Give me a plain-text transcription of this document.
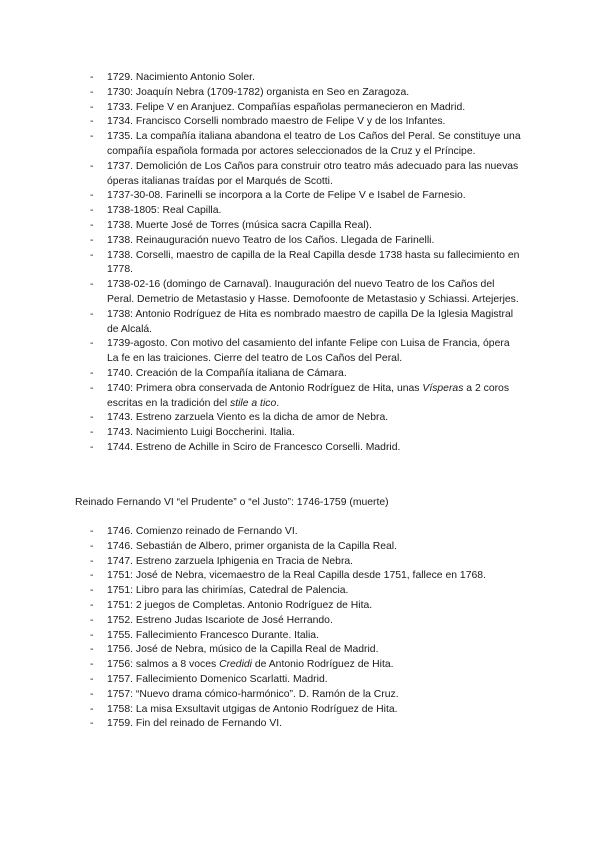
- 1729. Nacimiento Antonio Soler.
- 1730: Joaquín Nebra (1709-1782) organista en Seo en Zaragoza.
- 1733. Felipe V en Aranjuez. Compañías españolas permanecieron en Madrid.
- 1734. Francisco Corselli nombrado maestro de Felipe V y de los Infantes.
- 1735. La compañía italiana abandona el teatro de Los Caños del Peral. Se constituye una compañía española formada por actores seleccionados de la Cruz y el Príncipe.
- 1737. Demolición de Los Caños para construir otro teatro más adecuado para las nuevas óperas italianas traídas por el Marqués de Scotti.
- 1737-30-08. Farinelli se incorpora a la Corte de Felipe V e Isabel de Farnesio.
- 1738-1805: Real Capilla.
- 1738. Muerte José de Torres (música sacra Capilla Real).
- 1738. Reinauguración nuevo Teatro de los Caños. Llegada de Farinelli.
- 1738. Corselli, maestro de capilla de la Real Capilla desde 1738 hasta su fallecimiento en 1778.
- 1738-02-16 (domingo de Carnaval). Inauguración del nuevo Teatro de los Caños del Peral. Demetrio de Metastasio y Hasse. Demofoonte de Metastasio y Schiassi. Artejerjes.
- 1738: Antonio Rodríguez de Hita es nombrado maestro de capilla De la Iglesia Magistral de Alcalá.
- 1739-agosto. Con motivo del casamiento del infante Felipe con Luisa de Francia, ópera La fe en las traiciones. Cierre del teatro de Los Caños del Peral.
- 1740. Creación de la Compañía italiana de Cámara.
- 1740: Primera obra conservada de Antonio Rodríguez de Hita, unas Vísperas a 2 coros escritas en la tradición del stile a tico.
- 1743. Estreno zarzuela Viento es la dicha de amor de Nebra.
- 1743. Nacimiento Luigi Boccherini. Italia.
- 1744. Estreno de Achille in Sciro de Francesco Corselli. Madrid.
Reinado Fernando VI “el Prudente” o “el Justo”: 1746-1759 (muerte)
- 1746. Comienzo reinado de Fernando VI.
- 1746. Sebastián de Albero, primer organista de la Capilla Real.
- 1747. Estreno zarzuela Iphigenia en Tracia de Nebra.
- 1751: José de Nebra, vicemaestro de la Real Capilla desde 1751, fallece en 1768.
- 1751: Libro para las chirimías, Catedral de Palencia.
- 1751: 2 juegos de Completas. Antonio Rodríguez de Hita.
- 1752. Estreno Judas Iscariote de José Herrando.
- 1755. Fallecimiento Francesco Durante. Italia.
- 1756. José de Nebra, músico de la Capilla Real de Madrid.
- 1756: salmos a 8 voces Credidi de Antonio Rodríguez de Hita.
- 1757. Fallecimiento Domenico Scarlatti. Madrid.
- 1757: “Nuevo drama cómico-harmónico”. D. Ramón de la Cruz.
- 1758: La misa Exsultavit utgigas de Antonio Rodríguez de Hita.
- 1759. Fin del reinado de Fernando VI.
